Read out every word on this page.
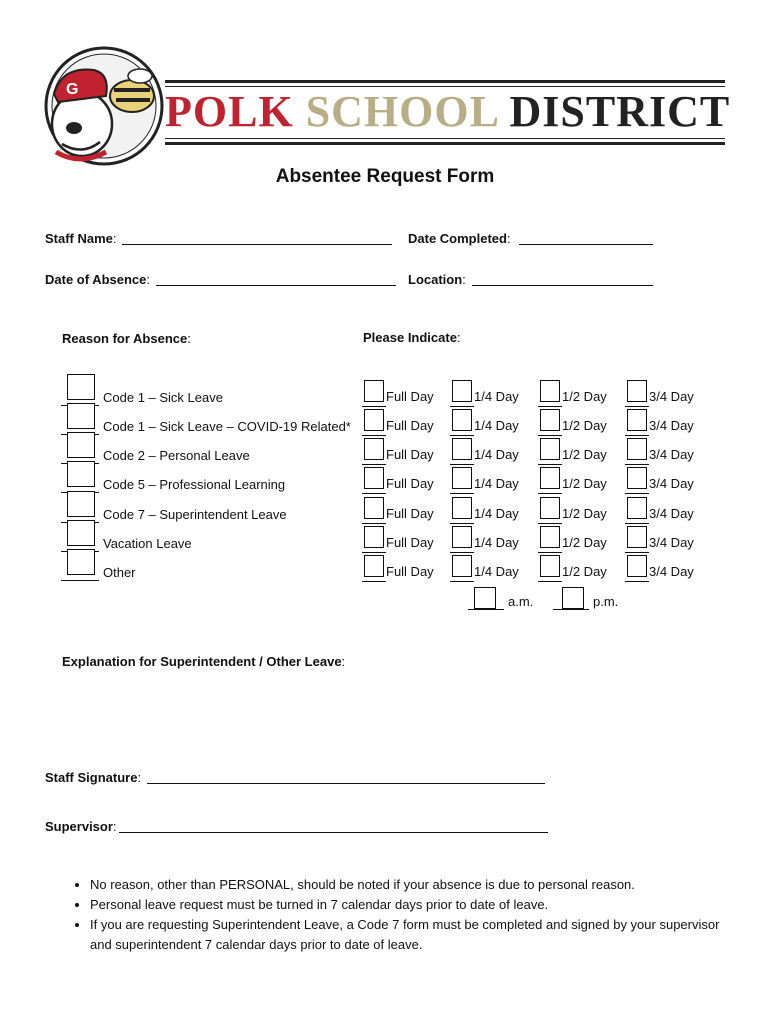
G POLK SCHOOL DISTRICT
Absentee Request Form
Staff Name:	Date Completed:
Date of Absence:	Location:
Reason for Absence:	Please Indicate:
Code 1 – Sick Leave	Full Day	1/4 Day	1/2 Day	3/4 Day
Code 1 – Sick Leave – COVID-19 Related*	Full Day	1/4 Day	1/2 Day	3/4 Day
Code 2 – Personal Leave	Full Day	1/4 Day	1/2 Day	3/4 Day
Code 5 – Professional Learning	Full Day	1/4 Day	1/2 Day	3/4 Day
Code 7 – Superintendent Leave	Full Day	1/4 Day	1/2 Day	3/4 Day
Vacation Leave	Full Day	1/4 Day	1/2 Day	3/4 Day
Other	Full Day	1/4 Day	1/2 Day	3/4 Day
a.m.	p.m.
Explanation for Superintendent / Other Leave:
Staff Signature:
Supervisor:
• No reason, other than PERSONAL, should be noted if your absence is due to personal reason.
• Personal leave request must be turned in 7 calendar days prior to date of leave.
• If you are requesting Superintendent Leave, a Code 7 form must be completed and signed by your supervisor and superintendent 7 calendar days prior to date of leave.
